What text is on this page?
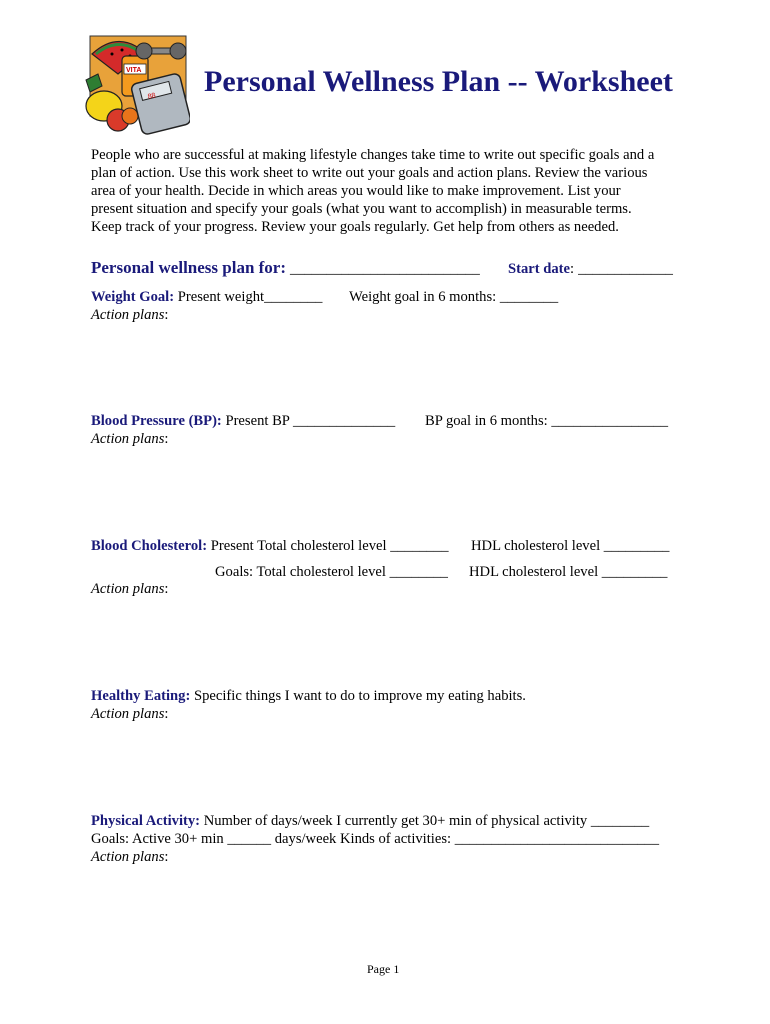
VITA
88 Personal Wellness Plan -- Worksheet

People who are successful at making lifestyle changes take time to write out specific goals and a

plan of action. Use this work sheet to write out your goals and action plans. Review the various

area of your health. Decide in which areas you would like to make improvement. List your

present situation and specify your goals (what you want to accomplish) in measurable terms.

Keep track of your progress. Review your goals regularly. Get help from others as needed.

Personal wellness plan for: __________________________ Start date: _____________
Weight Goal: Present weight________ Weight goal in 6 months: ________
Action plans:
Blood Pressure (BP): Present BP ______________ BP goal in 6 months: ________________
Action plans:
Blood Cholesterol: Present Total cholesterol level ________ HDL cholesterol level _________
Goals: Total cholesterol level ________ HDL cholesterol level _________
Action plans:
Healthy Eating: Specific things I want to do to improve my eating habits.
Action plans:
Physical Activity: Number of days/week I currently get 30+ min of physical activity ________
Goals: Active 30+ min ______ days/week Kinds of activities: ____________________________
Action plans:
Page 1
